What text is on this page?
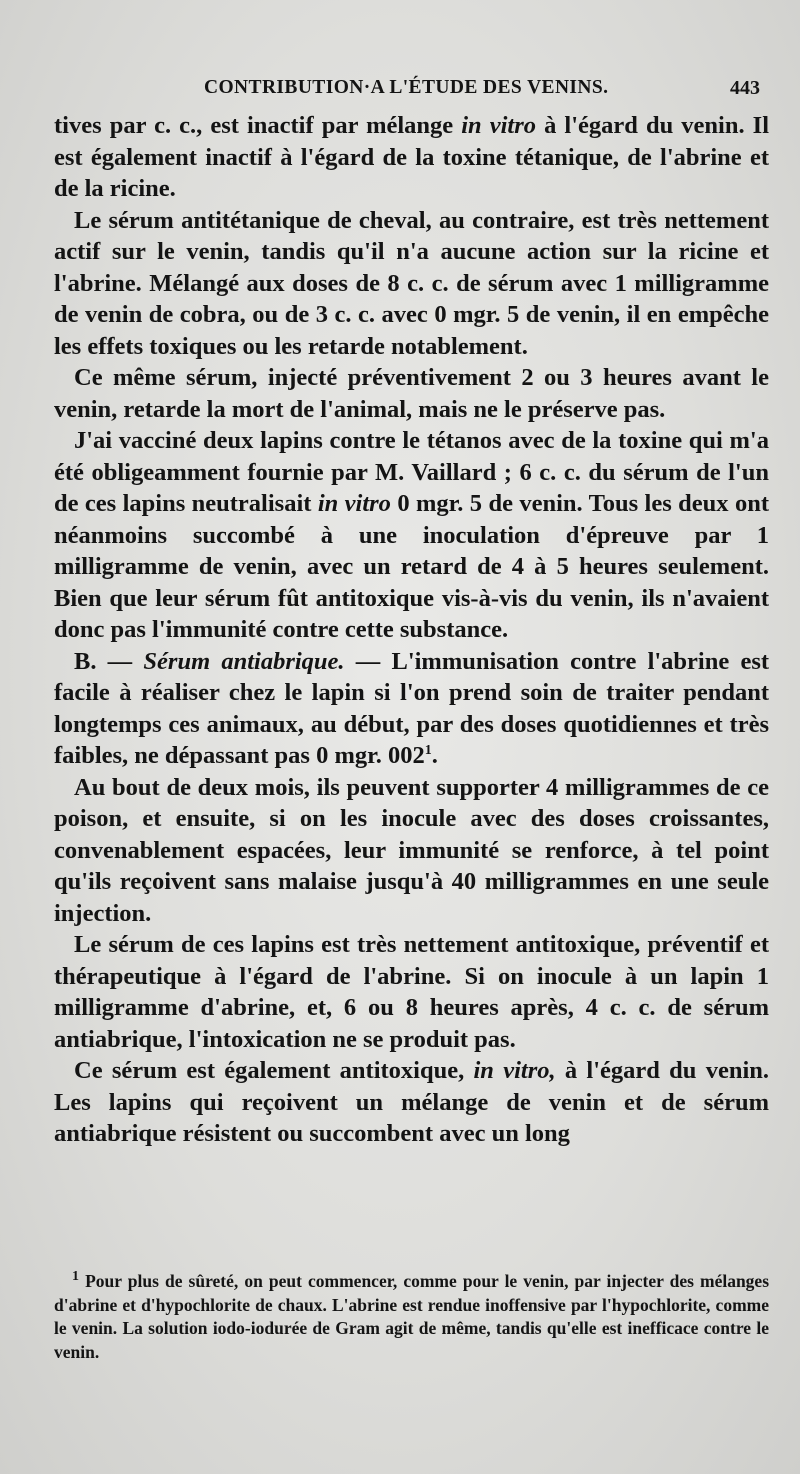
CONTRIBUTION·A L'ÉTUDE DES VENINS.	443

tives par c. c., est inactif par mélange in vitro à l'égard du venin. Il est également inactif à l'égard de la toxine tétanique, de l'abrine et de la ricine.

Le sérum antitétanique de cheval, au contraire, est très nettement actif sur le venin, tandis qu'il n'a aucune action sur la ricine et l'abrine. Mélangé aux doses de 8 c. c. de sérum avec 1 milligramme de venin de cobra, ou de 3 c. c. avec 0 mgr. 5 de venin, il en empêche les effets toxiques ou les retarde notablement.

Ce même sérum, injecté préventivement 2 ou 3 heures avant le venin, retarde la mort de l'animal, mais ne le préserve pas.

J'ai vacciné deux lapins contre le tétanos avec de la toxine qui m'a été obligeamment fournie par M. Vaillard ; 6 c. c. du sérum de l'un de ces lapins neutralisait in vitro 0 mgr. 5 de venin. Tous les deux ont néanmoins succombé à une inoculation d'épreuve par 1 milligramme de venin, avec un retard de 4 à 5 heures seulement. Bien que leur sérum fût antitoxique vis-à-vis du venin, ils n'avaient donc pas l'immunité contre cette substance.

B. — Sérum antiabrique. — L'immunisation contre l'abrine est facile à réaliser chez le lapin si l'on prend soin de traiter pendant longtemps ces animaux, au début, par des doses quotidiennes et très faibles, ne dépassant pas 0 mgr. $002^1$.

Au bout de deux mois, ils peuvent supporter 4 milligrammes de ce poison, et ensuite, si on les inocule avec des doses croissantes, convenablement espacées, leur immunité se renforce, à tel point qu'ils reçoivent sans malaise jusqu'à 40 milligrammes en une seule injection.

Le sérum de ces lapins est très nettement antitoxique, préventif et thérapeutique à l'égard de l'abrine. Si on inocule à un lapin 1 milligramme d'abrine, et, 6 ou 8 heures après, 4 c. c. de sérum antiabrique, l'intoxication ne se produit pas.

Ce sérum est également antitoxique, in vitro, à l'égard du venin. Les lapins qui reçoivent un mélange de venin et de sérum antiabrique résistent ou succombent avec un long

$^1$ Pour plus de sûreté, on peut commencer, comme pour le venin, par injecter des mélanges d'abrine et d'hypochlorite de chaux. L'abrine est rendue inoffensive par l'hypochlorite, comme le venin. La solution iodo-iodurée de Gram agit de même, tandis qu'elle est inefficace contre le venin.
